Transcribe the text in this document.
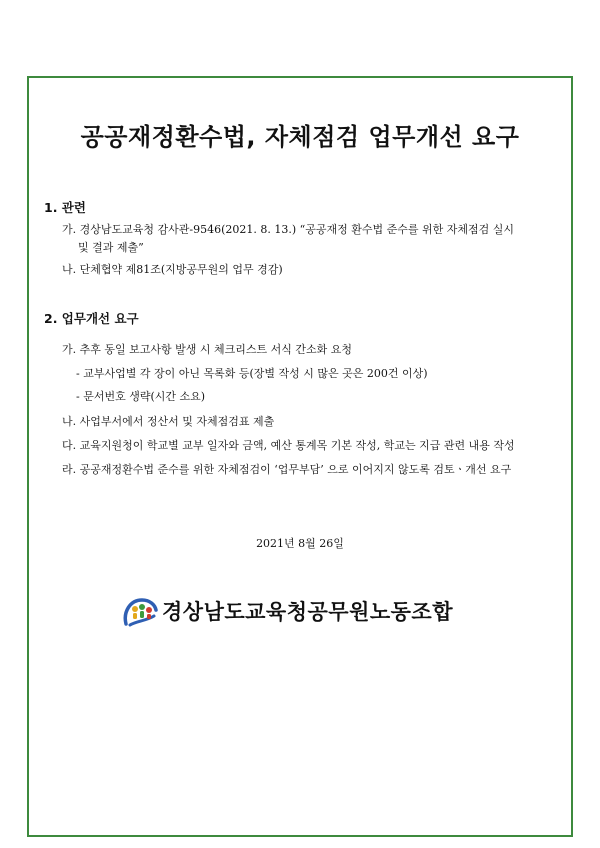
공공재정환수법, 자체점검 업무개선 요구
1. 관련
가. 경상남도교육청 감사관-9546(2021. 8. 13.) “공공재정 환수법 준수를 위한 자체점검 실시
및 결과 제출”
나. 단체협약 제81조(지방공무원의 업무 경감)
2. 업무개선 요구
가. 추후 동일 보고사항 발생 시 체크리스트 서식 간소화 요청
- 교부사업별 각 장이 아닌 목록화 등(장별 작성 시 많은 곳은 200건 이상)
- 문서번호 생략(시간 소요)
나. 사업부서에서 정산서 및 자체점검표 제출
다. 교육지원청이 학교별 교부 일자와 금액, 예산 통계목 기본 작성, 학교는 지급 관련 내용 작성
라. 공공재정환수법 준수를 위한 자체점검이 ‘업무부담’ 으로 이어지지 않도록 검토ㆍ개선 요구
2021년 8월 26일
경상남도교육청공무원노동조합
